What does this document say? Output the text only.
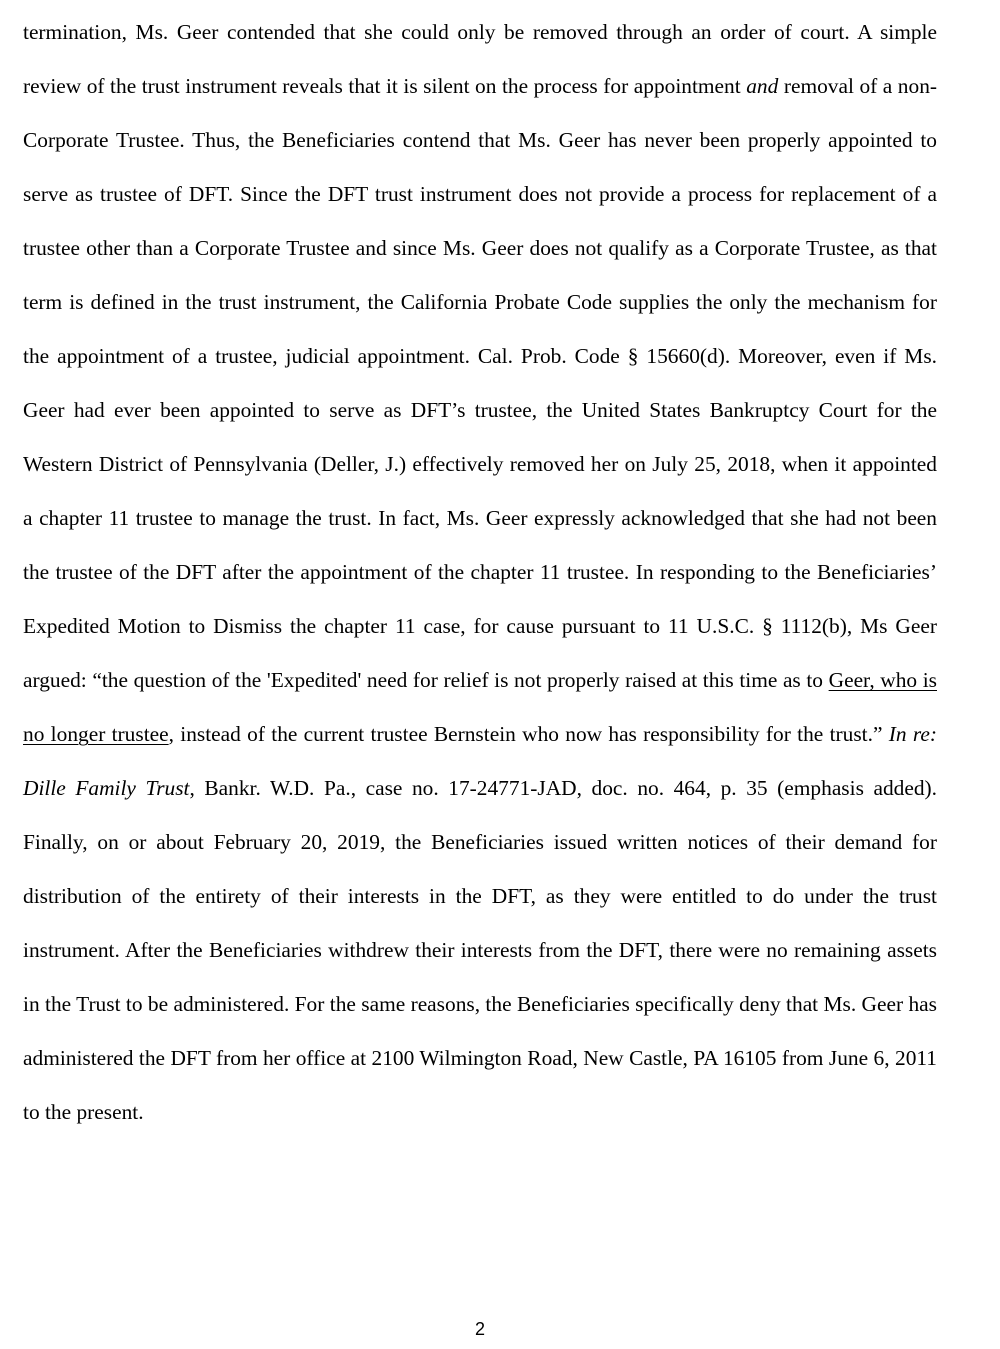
termination, Ms. Geer contended that she could only be removed through an order of court. A simple review of the trust instrument reveals that it is silent on the process for appointment and removal of a non-Corporate Trustee. Thus, the Beneficiaries contend that Ms. Geer has never been properly appointed to serve as trustee of DFT. Since the DFT trust instrument does not provide a process for replacement of a trustee other than a Corporate Trustee and since Ms. Geer does not qualify as a Corporate Trustee, as that term is defined in the trust instrument, the California Probate Code supplies the only the mechanism for the appointment of a trustee, judicial appointment. Cal. Prob. Code § 15660(d). Moreover, even if Ms. Geer had ever been appointed to serve as DFT’s trustee, the United States Bankruptcy Court for the Western District of Pennsylvania (Deller, J.) effectively removed her on July 25, 2018, when it appointed a chapter 11 trustee to manage the trust. In fact, Ms. Geer expressly acknowledged that she had not been the trustee of the DFT after the appointment of the chapter 11 trustee. In responding to the Beneficiaries’ Expedited Motion to Dismiss the chapter 11 case, for cause pursuant to 11 U.S.C. § 1112(b), Ms Geer argued: “the question of the 'Expedited' need for relief is not properly raised at this time as to Geer, who is no longer trustee, instead of the current trustee Bernstein who now has responsibility for the trust.” In re: Dille Family Trust, Bankr. W.D. Pa., case no. 17-24771-JAD, doc. no. 464, p. 35 (emphasis added). Finally, on or about February 20, 2019, the Beneficiaries issued written notices of their demand for distribution of the entirety of their interests in the DFT, as they were entitled to do under the trust instrument. After the Beneficiaries withdrew their interests from the DFT, there were no remaining assets in the Trust to be administered. For the same reasons, the Beneficiaries specifically deny that Ms. Geer has administered the DFT from her office at 2100 Wilmington Road, New Castle, PA 16105 from June 6, 2011 to the present.

2
